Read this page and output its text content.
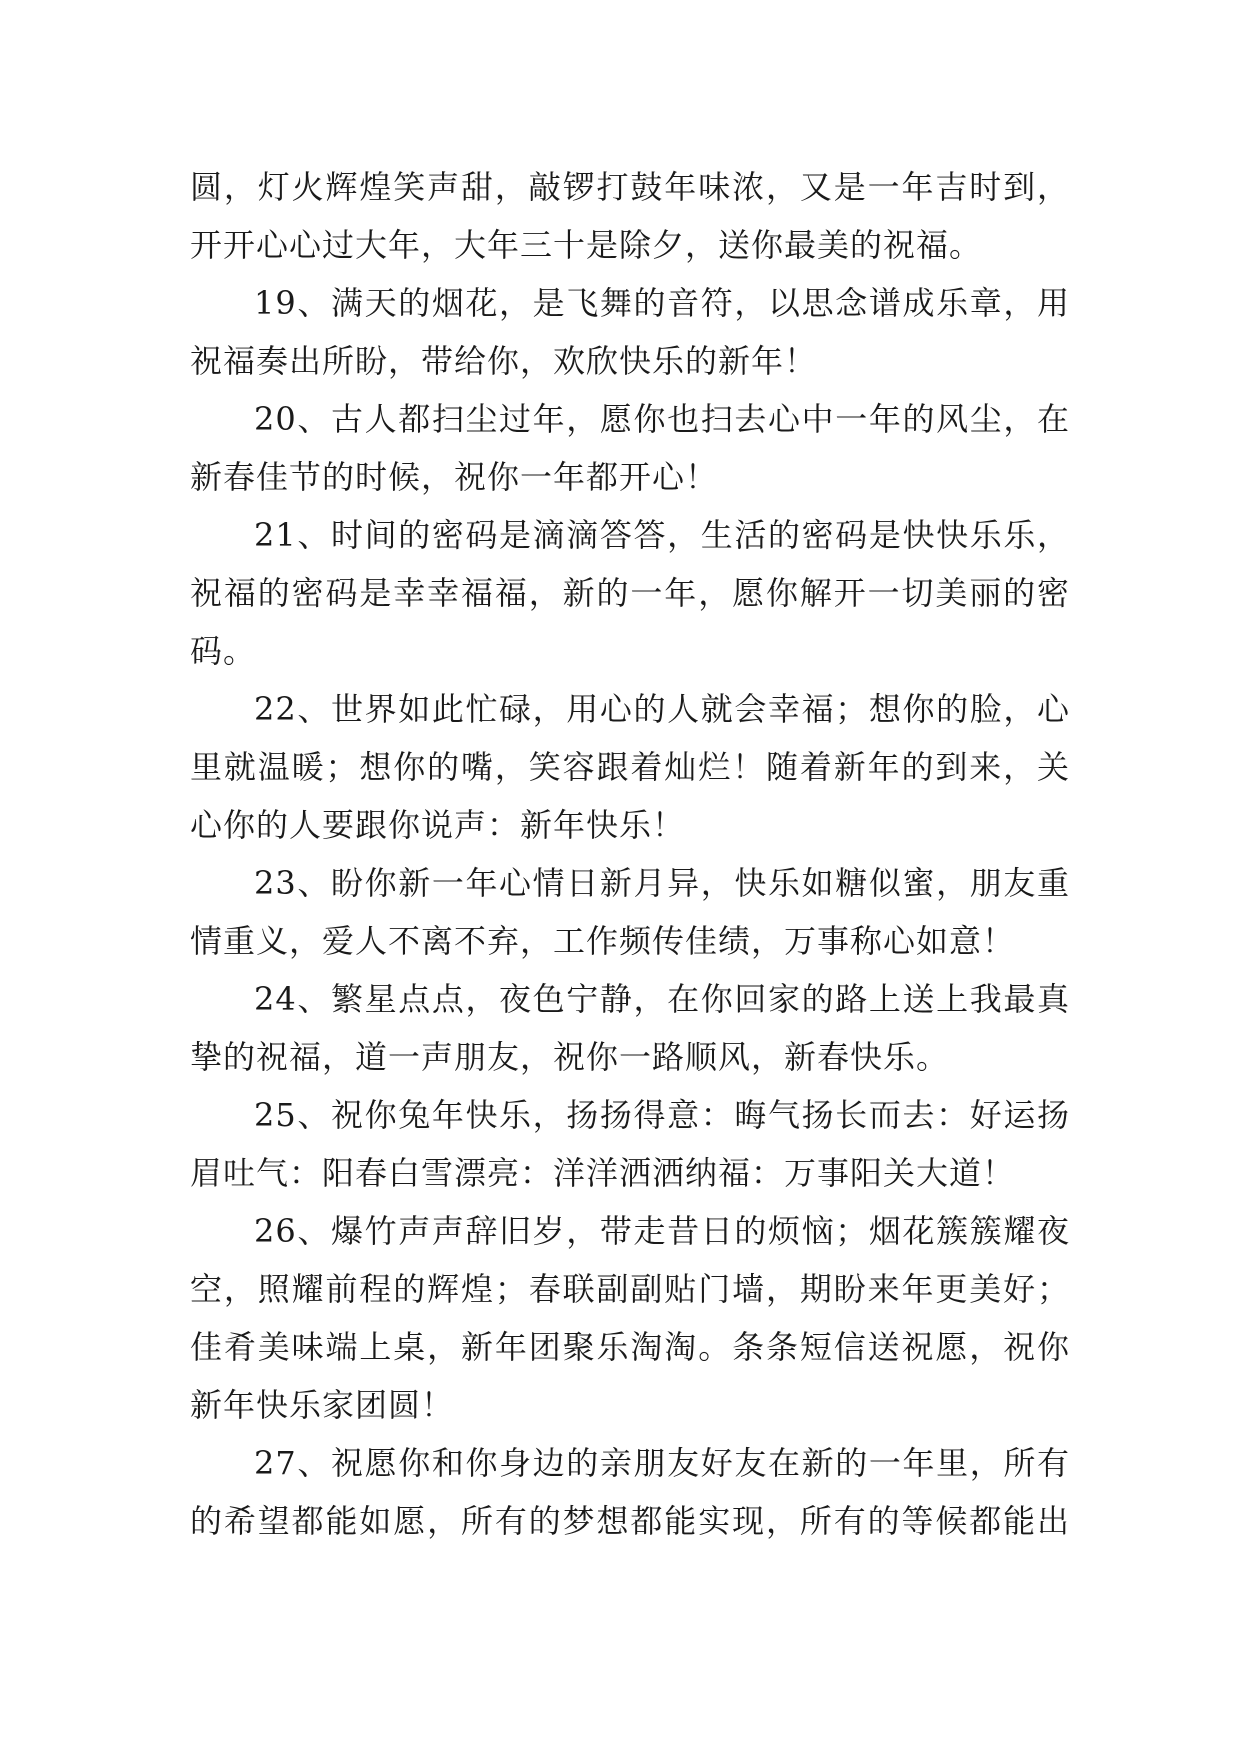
圆，灯火辉煌笑声甜，敲锣打鼓年味浓，又是一年吉时到，
开开心心过大年，大年三十是除夕，送你最美的祝福。
19、满天的烟花，是飞舞的音符，以思念谱成乐章，用
祝福奏出所盼，带给你，欢欣快乐的新年！
20、古人都扫尘过年，愿你也扫去心中一年的风尘，在
新春佳节的时候，祝你一年都开心！
21、时间的密码是滴滴答答，生活的密码是快快乐乐，
祝福的密码是幸幸福福，新的一年，愿你解开一切美丽的密
码。
22、世界如此忙碌，用心的人就会幸福；想你的脸，心
里就温暖；想你的嘴，笑容跟着灿烂！随着新年的到来，关
心你的人要跟你说声：新年快乐！
23、盼你新一年心情日新月异，快乐如糖似蜜，朋友重
情重义，爱人不离不弃，工作频传佳绩，万事称心如意！
24、繁星点点，夜色宁静，在你回家的路上送上我最真
挚的祝福，道一声朋友，祝你一路顺风，新春快乐。
25、祝你兔年快乐，扬扬得意：晦气扬长而去：好运扬
眉吐气：阳春白雪漂亮：洋洋洒洒纳福：万事阳关大道！
26、爆竹声声辞旧岁，带走昔日的烦恼；烟花簇簇耀夜
空，照耀前程的辉煌；春联副副贴门墙，期盼来年更美好；
佳肴美味端上桌，新年团聚乐淘淘。条条短信送祝愿，祝你
新年快乐家团圆！
27、祝愿你和你身边的亲朋友好友在新的一年里，所有
的希望都能如愿，所有的梦想都能实现，所有的等候都能出
